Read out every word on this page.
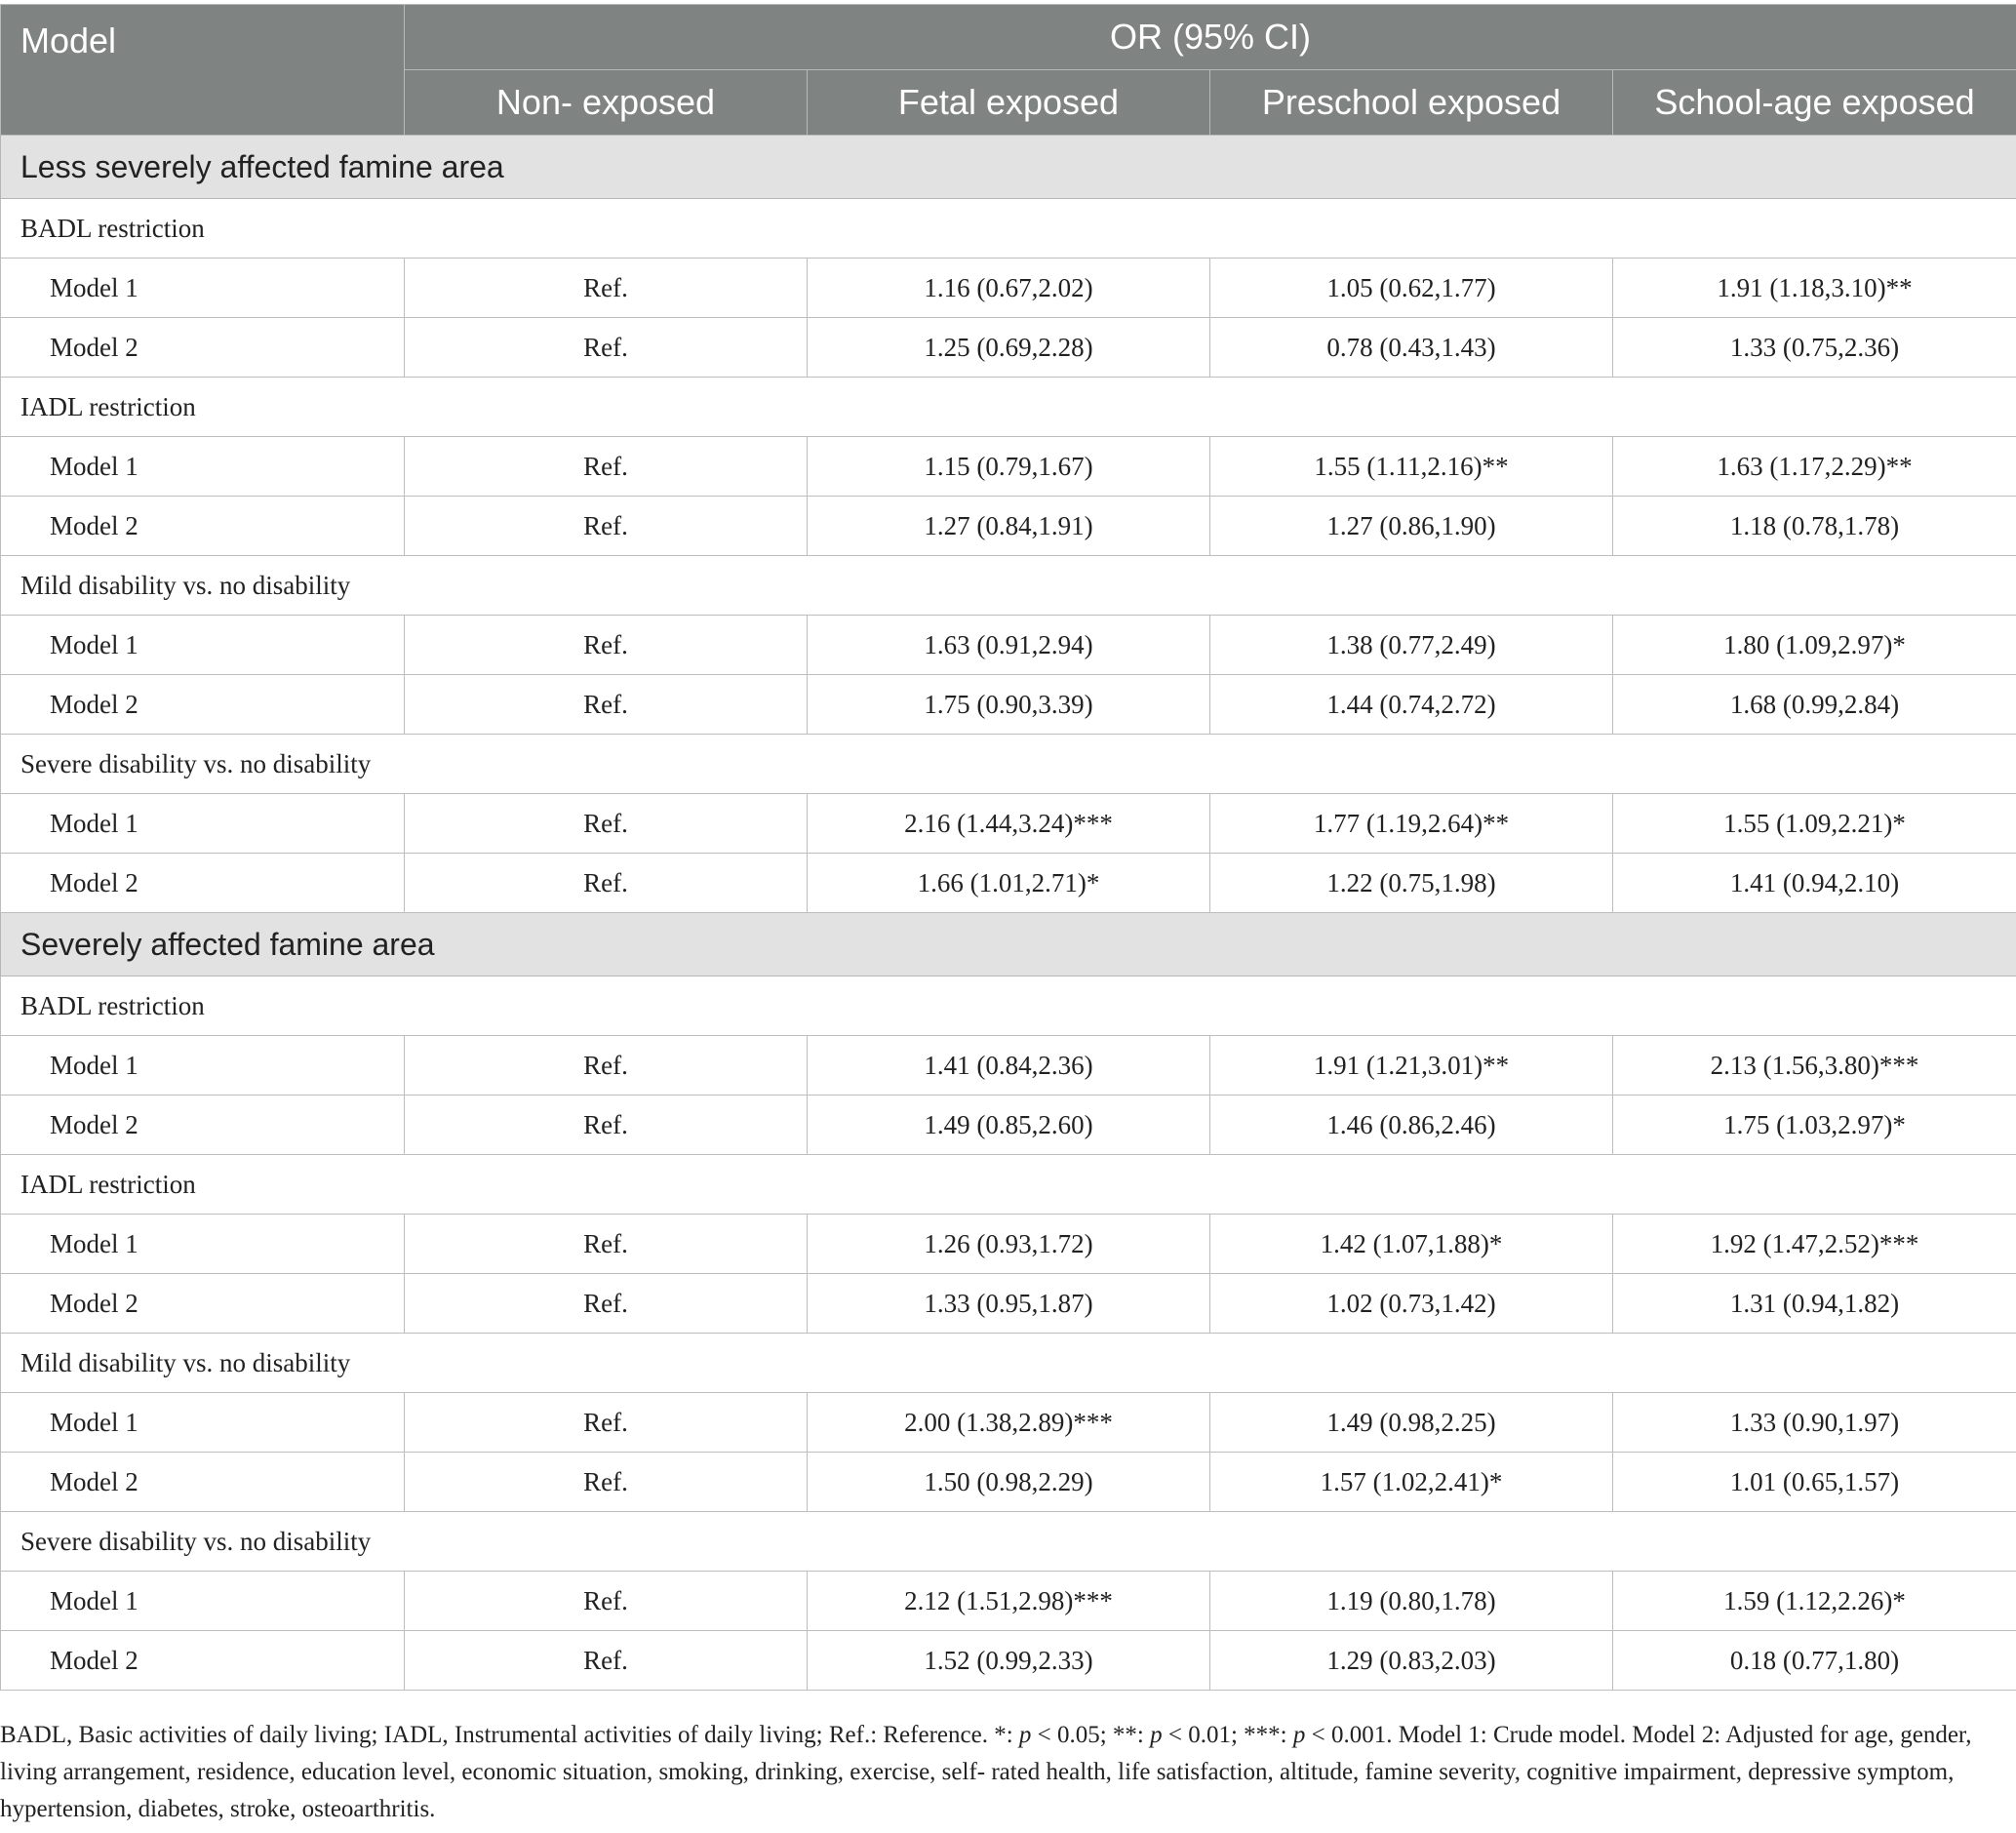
Model	OR (95% CI)			
	Non- exposed	Fetal exposed	Preschool exposed	School-age exposed
Less severely affected famine area				
BADL restriction				
Model 1	Ref.	1.16 (0.67,2.02)	1.05 (0.62,1.77)	1.91 (1.18,3.10)**
Model 2	Ref.	1.25 (0.69,2.28)	0.78 (0.43,1.43)	1.33 (0.75,2.36)
IADL restriction				
Model 1	Ref.	1.15 (0.79,1.67)	1.55 (1.11,2.16)**	1.63 (1.17,2.29)**
Model 2	Ref.	1.27 (0.84,1.91)	1.27 (0.86,1.90)	1.18 (0.78,1.78)
Mild disability vs. no disability				
Model 1	Ref.	1.63 (0.91,2.94)	1.38 (0.77,2.49)	1.80 (1.09,2.97)*
Model 2	Ref.	1.75 (0.90,3.39)	1.44 (0.74,2.72)	1.68 (0.99,2.84)
Severe disability vs. no disability				
Model 1	Ref.	2.16 (1.44,3.24)***	1.77 (1.19,2.64)**	1.55 (1.09,2.21)*
Model 2	Ref.	1.66 (1.01,2.71)*	1.22 (0.75,1.98)	1.41 (0.94,2.10)
Severely affected famine area				
BADL restriction				
Model 1	Ref.	1.41 (0.84,2.36)	1.91 (1.21,3.01)**	2.13 (1.56,3.80)***
Model 2	Ref.	1.49 (0.85,2.60)	1.46 (0.86,2.46)	1.75 (1.03,2.97)*
IADL restriction				
Model 1	Ref.	1.26 (0.93,1.72)	1.42 (1.07,1.88)*	1.92 (1.47,2.52)***
Model 2	Ref.	1.33 (0.95,1.87)	1.02 (0.73,1.42)	1.31 (0.94,1.82)
Mild disability vs. no disability				
Model 1	Ref.	2.00 (1.38,2.89)***	1.49 (0.98,2.25)	1.33 (0.90,1.97)
Model 2	Ref.	1.50 (0.98,2.29)	1.57 (1.02,2.41)*	1.01 (0.65,1.57)
Severe disability vs. no disability				
Model 1	Ref.	2.12 (1.51,2.98)***	1.19 (0.80,1.78)	1.59 (1.12,2.26)*
Model 2	Ref.	1.52 (0.99,2.33)	1.29 (0.83,2.03)	0.18 (0.77,1.80)
BADL, Basic activities of daily living; IADL, Instrumental activities of daily living; Ref.: Reference. *: p < 0.05; **: p < 0.01; ***: p < 0.001. Model 1: Crude model. Model 2: Adjusted for age, gender, living arrangement, residence, education level, economic situation, smoking, drinking, exercise, self- rated health, life satisfaction, altitude, famine severity, cognitive impairment, depressive symptom, hypertension, diabetes, stroke, osteoarthritis.
